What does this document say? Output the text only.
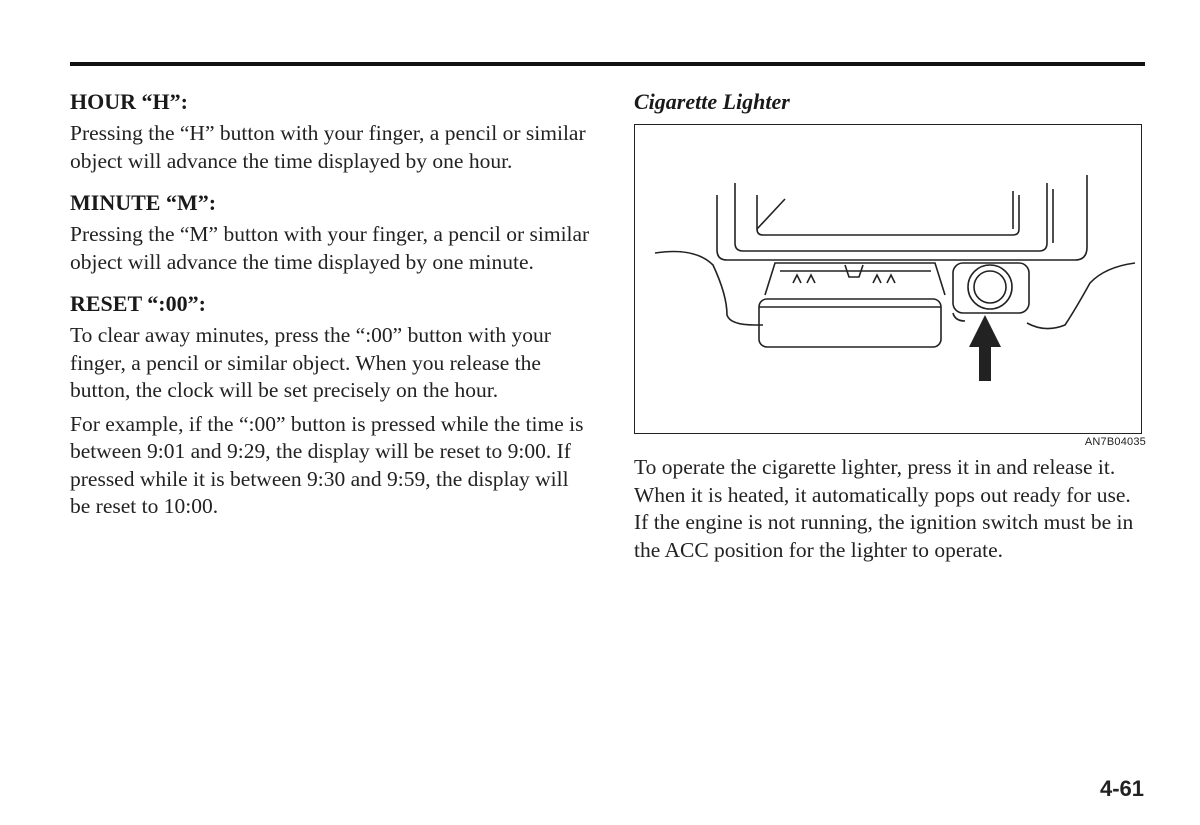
HOUR “H”:

Pressing the “H” button with your finger, a pencil or similar object will advance the time displayed by one hour.

MINUTE “M”:

Pressing the “M” button with your finger, a pencil or similar object will advance the time displayed by one minute.

RESET “:00”:

To clear away minutes, press the “:00” button with your finger, a pencil or similar object. When you release the button, the clock will be set precisely on the hour.

For example, if the “:00” button is pressed while the time is between 9:01 and 9:29, the display will be reset to 9:00. If pressed while it is between 9:30 and 9:59, the display will be reset to 10:00.

Cigarette Lighter
AN7B04035

To operate the cigarette lighter, press it in and release it. When it is heated, it automatically pops out ready for use. If the engine is not running, the ignition switch must be in the ACC position for the lighter to operate.

4-61
